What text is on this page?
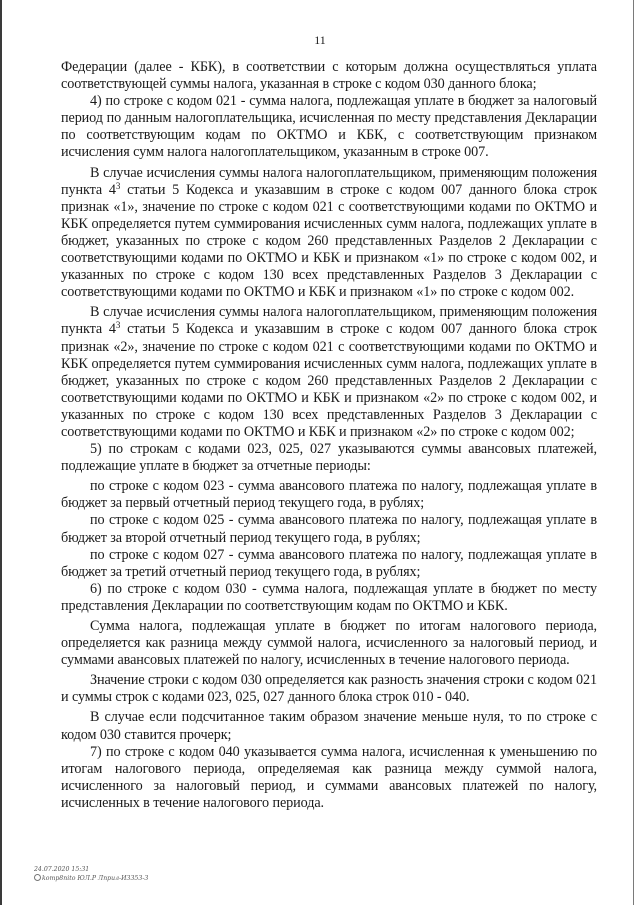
11

Федерации (далее - КБК), в соответствии с которым должна осуществляться уплата соответствующей суммы налога, указанная в строке с кодом 030 данного блока;

4) по строке с кодом 021 - сумма налога, подлежащая уплате в бюджет за налоговый период по данным налогоплательщика, исчисленная по месту представления Декларации по соответствующим кодам по ОКТМО и КБК, с соответствующим признаком исчисления сумм налога налогоплательщиком, указанным в строке 007.

В случае исчисления суммы налога налогоплательщиком, применяющим положения пункта $4^3$ статьи 5 Кодекса и указавшим в строке с кодом 007 данного блока строк признак «1», значение по строке с кодом 021 с соответствующими кодами по ОКТМО и КБК определяется путем суммирования исчисленных сумм налога, подлежащих уплате в бюджет, указанных по строке с кодом 260 представленных Разделов 2 Декларации с соответствующими кодами по ОКТМО и КБК и признаком «1» по строке с кодом 002, и указанных по строке с кодом 130 всех представленных Разделов 3 Декларации с соответствующими кодами по ОКТМО и КБК и признаком «1» по строке с кодом 002.

В случае исчисления суммы налога налогоплательщиком, применяющим положения пункта $4^3$ статьи 5 Кодекса и указавшим в строке с кодом 007 данного блока строк признак «2», значение по строке с кодом 021 с соответствующими кодами по ОКТМО и КБК определяется путем суммирования исчисленных сумм налога, подлежащих уплате в бюджет, указанных по строке с кодом 260 представленных Разделов 2 Декларации с соответствующими кодами по ОКТМО и КБК и признаком «2» по строке с кодом 002, и указанных по строке с кодом 130 всех представленных Разделов 3 Декларации с соответствующими кодами по ОКТМО и КБК и признаком «2» по строке с кодом 002;

5) по строкам с кодами 023, 025, 027 указываются суммы авансовых платежей, подлежащие уплате в бюджет за отчетные периоды:

по строке с кодом 023 - сумма авансового платежа по налогу, подлежащая уплате в бюджет за первый отчетный период текущего года, в рублях;

по строке с кодом 025 - сумма авансового платежа по налогу, подлежащая уплате в бюджет за второй отчетный период текущего года, в рублях;

по строке с кодом 027 - сумма авансового платежа по налогу, подлежащая уплате в бюджет за третий отчетный период текущего года, в рублях;

6) по строке с кодом 030 - сумма налога, подлежащая уплате в бюджет по месту представления Декларации по соответствующим кодам по ОКТМО и КБК.

Сумма налога, подлежащая уплате в бюджет по итогам налогового периода, определяется как разница между суммой налога, исчисленного за налоговый период, и суммами авансовых платежей по налогу, исчисленных в течение налогового периода.

Значение строки с кодом 030 определяется как разность значения строки с кодом 021 и суммы строк с кодами 023, 025, 027 данного блока строк 010 - 040.

В случае если подсчитанное таким образом значение меньше нуля, то по строке с кодом 030 ставится прочерк;

7) по строке с кодом 040 указывается сумма налога, исчисленная к уменьшению по итогам налогового периода, определяемая как разница между суммой налога, исчисленного за налоговый период, и суммами авансовых платежей по налогу, исчисленных в течение налогового периода.

24.07.2020 15:31
komp8nito ЮЛ.Р Лприл-И3353-3
